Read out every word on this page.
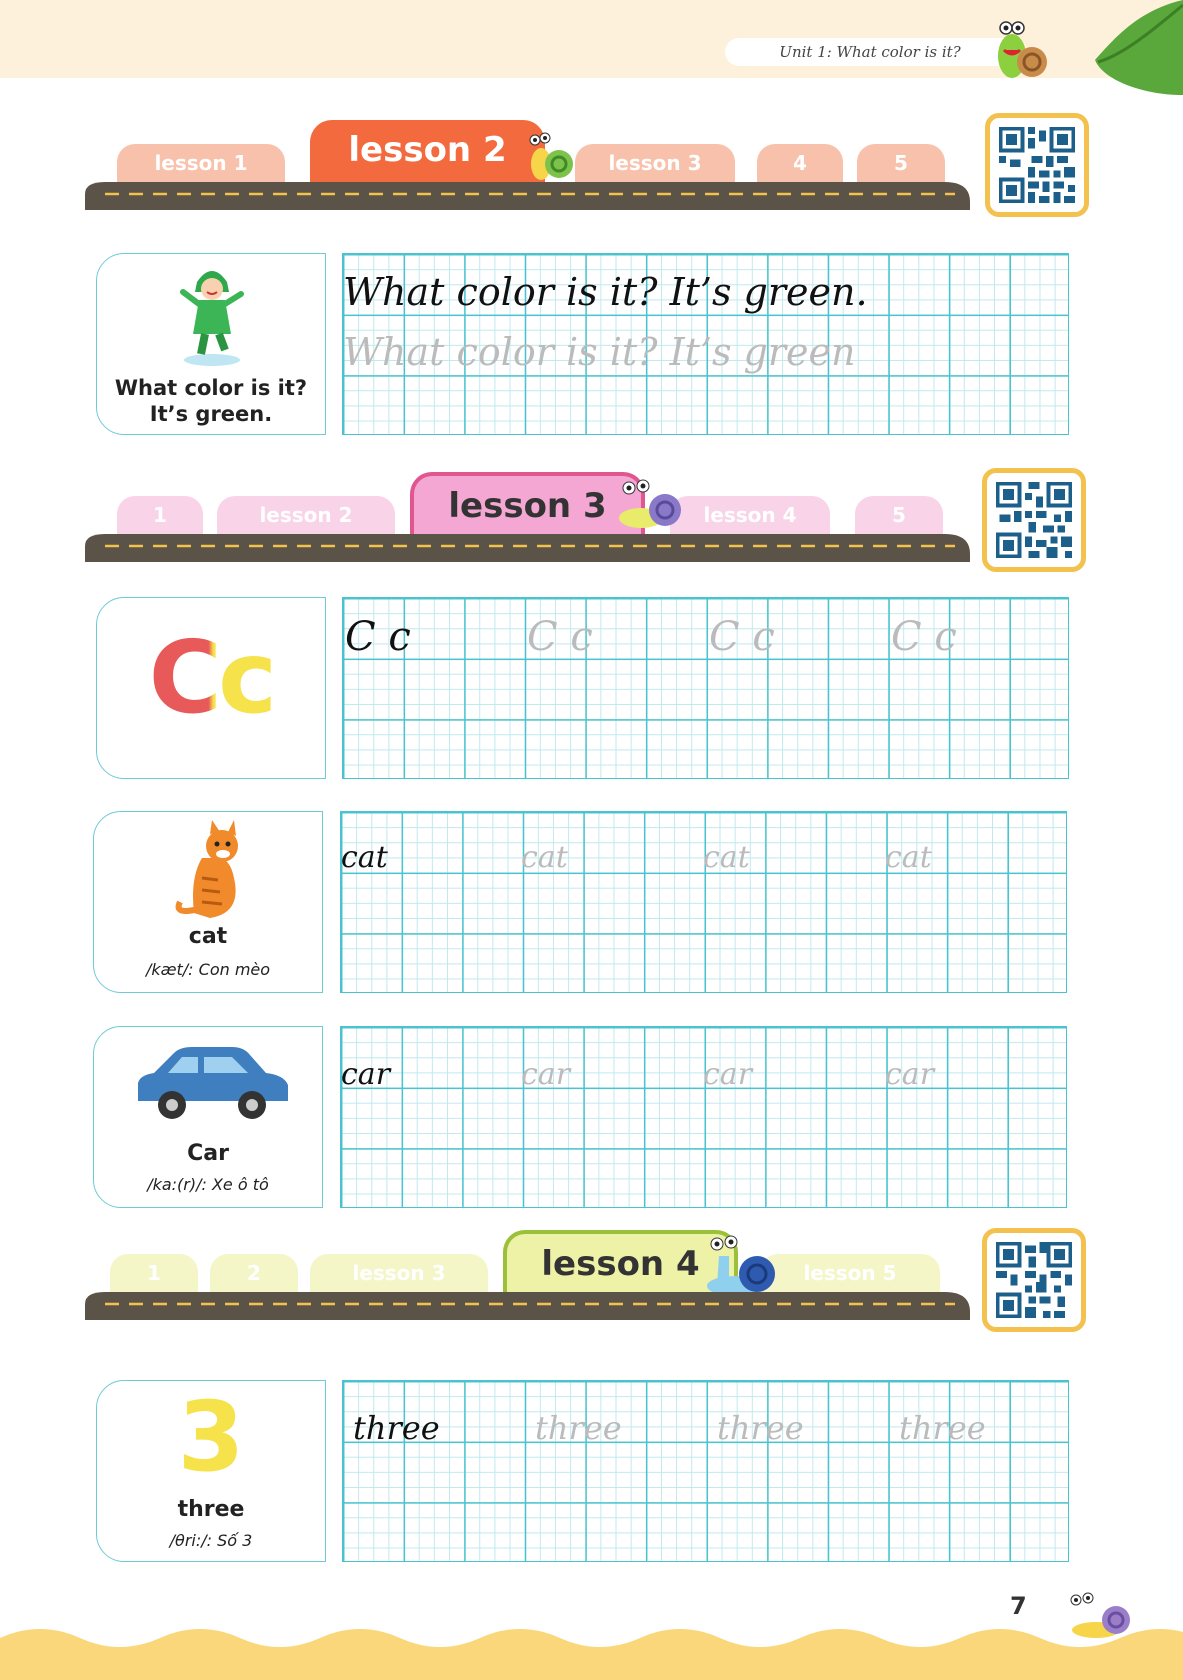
Unit 1: What color is it?
lesson 1	lesson 2	lesson 3	4	5
What color is it?
It’s green.
What color is it? It’s green.
What color is it? It’s green
1	lesson 2	lesson 3	lesson 4	5
Cc	C c	C c	C c	C c
cat
/kæt/: Con mèo
cat	cat	cat	cat
Car
/ka:(r)/: Xe ô tô
car	car	car	car
1	2	lesson 3	lesson 4	lesson 5
3
three
/θri:/: Số 3
three	three	three	three
7
